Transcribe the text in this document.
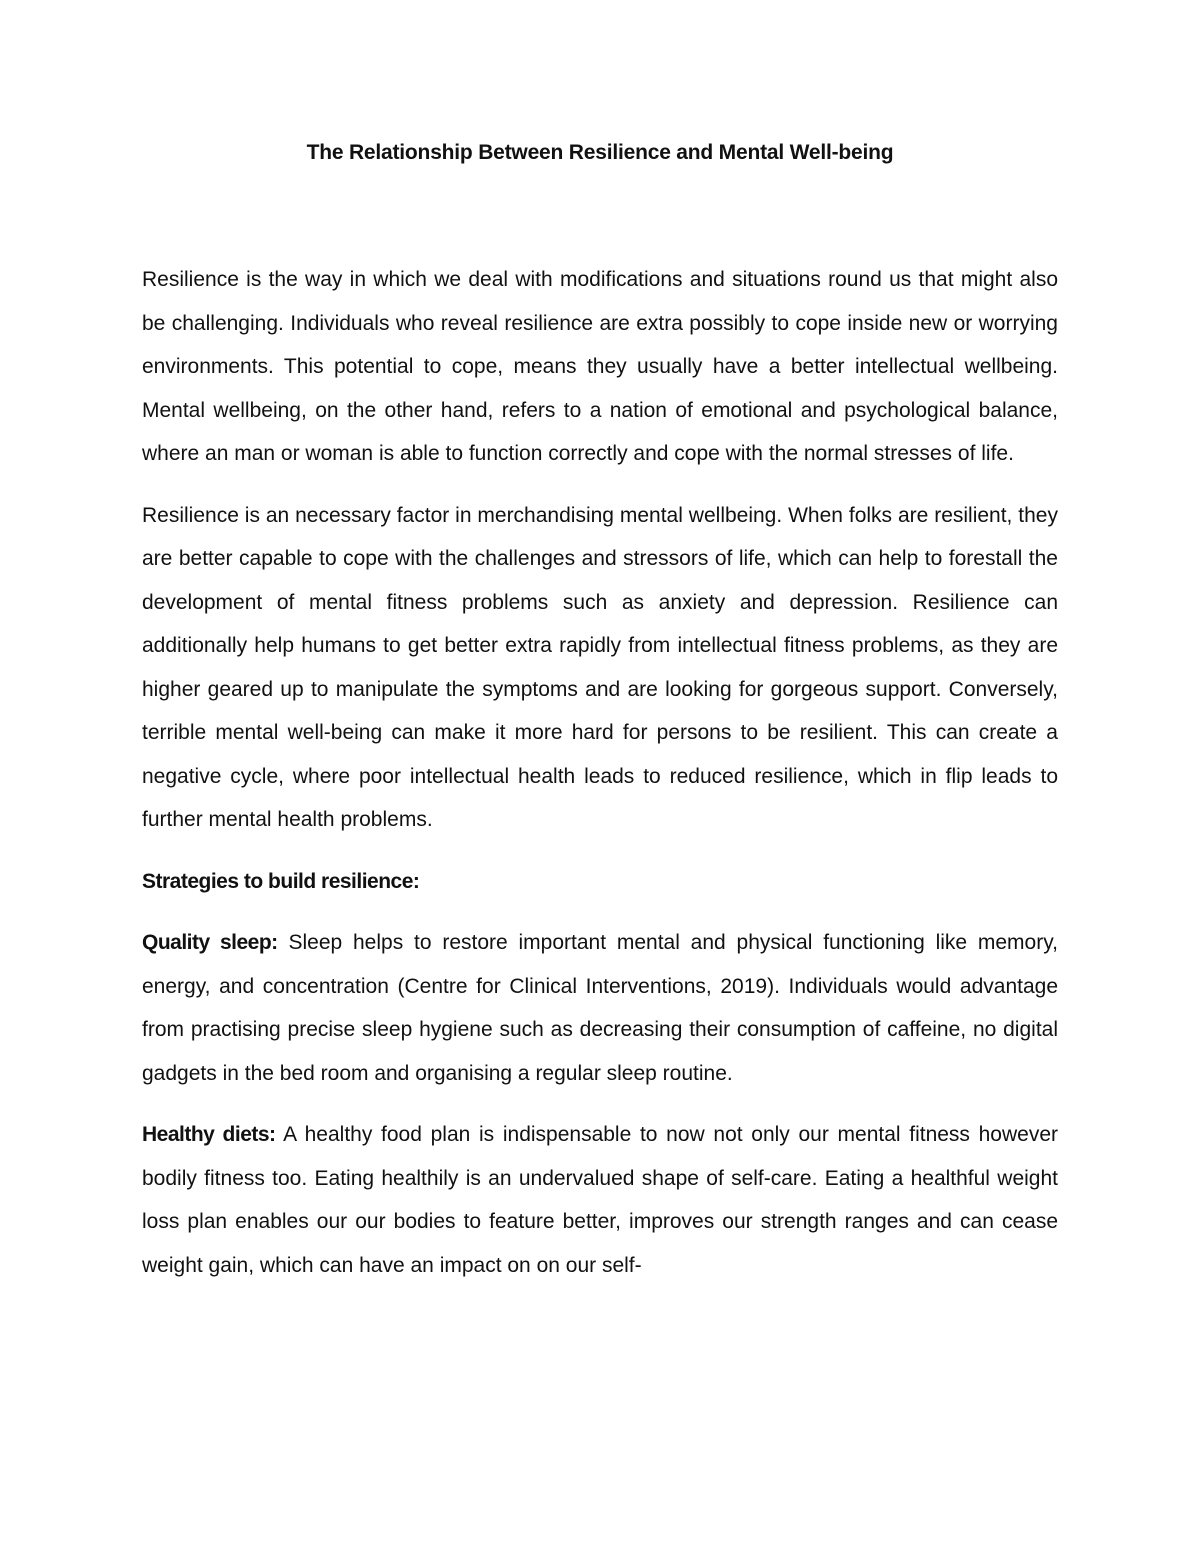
The Relationship Between Resilience and Mental Well-being

Resilience is the way in which we deal with modifications and situations round us that might also be challenging. Individuals who reveal resilience are extra possibly to cope inside new or worrying environments. This potential to cope, means they usually have a better intellectual wellbeing. Mental wellbeing, on the other hand, refers to a nation of emotional and psychological balance, where an man or woman is able to function correctly and cope with the normal stresses of life.

Resilience is an necessary factor in merchandising mental wellbeing. When folks are resilient, they are better capable to cope with the challenges and stressors of life, which can help to forestall the development of mental fitness problems such as anxiety and depression. Resilience can additionally help humans to get better extra rapidly from intellectual fitness problems, as they are higher geared up to manipulate the symptoms and are looking for gorgeous support. Conversely, terrible mental well-being can make it more hard for persons to be resilient. This can create a negative cycle, where poor intellectual health leads to reduced resilience, which in flip leads to further mental health problems.

Strategies to build resilience:

Quality sleep: Sleep helps to restore important mental and physical functioning like memory, energy, and concentration (Centre for Clinical Interventions, 2019). Individuals would advantage from practising precise sleep hygiene such as decreasing their consumption of caffeine, no digital gadgets in the bed room and organising a regular sleep routine.

Healthy diets: A healthy food plan is indispensable to now not only our mental fitness however bodily fitness too. Eating healthily is an undervalued shape of self-care. Eating a healthful weight loss plan enables our our bodies to feature better, improves our strength ranges and can cease weight gain, which can have an impact on on our self-
